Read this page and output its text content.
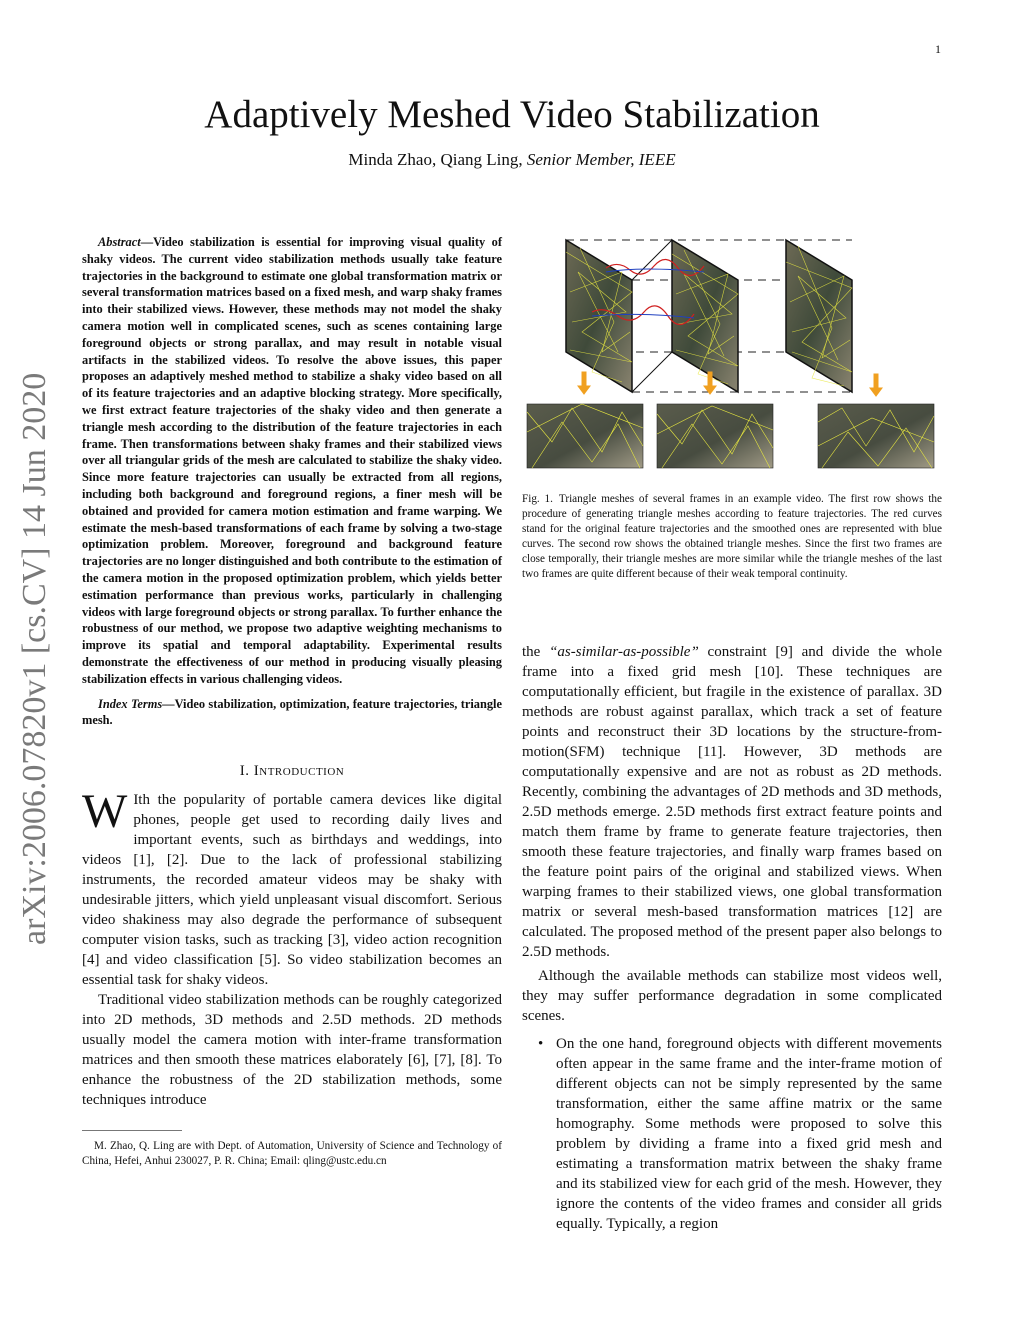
1
arXiv:2006.07820v1 [cs.CV] 14 Jun 2020
Adaptively Meshed Video Stabilization
Minda Zhao, Qiang Ling, Senior Member, IEEE

Abstract—Video stabilization is essential for improving visual quality of shaky videos. The current video stabilization methods usually take feature trajectories in the background to estimate one global transformation matrix or several transformation matrices based on a fixed mesh, and warp shaky frames into their stabilized views. However, these methods may not model the shaky camera motion well in complicated scenes, such as scenes containing large foreground objects or strong parallax, and may result in notable visual artifacts in the stabilized videos. To resolve the above issues, this paper proposes an adaptively meshed method to stabilize a shaky video based on all of its feature trajectories and an adaptive blocking strategy. More specifically, we first extract feature trajectories of the shaky video and then generate a triangle mesh according to the distribution of the feature trajectories in each frame. Then transformations between shaky frames and their stabilized views over all triangular grids of the mesh are calculated to stabilize the shaky video. Since more feature trajectories can usually be extracted from all regions, including both background and foreground regions, a finer mesh will be obtained and provided for camera motion estimation and frame warping. We estimate the mesh-based transformations of each frame by solving a two-stage optimization problem. Moreover, foreground and background feature trajectories are no longer distinguished and both contribute to the estimation of the camera motion in the proposed optimization problem, which yields better estimation performance than previous works, particularly in challenging videos with large foreground objects or strong parallax. To further enhance the robustness of our method, we propose two adaptive weighting mechanisms to improve its spatial and temporal adaptability. Experimental results demonstrate the effectiveness of our method in producing visually pleasing stabilization effects in various challenging videos.

Index Terms—Video stabilization, optimization, feature trajectories, triangle mesh.

I. Introduction
W Ith the popularity of portable camera devices like digital phones, people get used to recording daily lives and important events, such as birthdays and weddings, into videos [1], [2]. Due to the lack of professional stabilizing instruments, the recorded amateur videos may be shaky with undesirable jitters, which yield unpleasant visual discomfort. Serious video shakiness may also degrade the performance of subsequent computer vision tasks, such as tracking [3], video action recognition [4] and video classification [5]. So video stabilization becomes an essential task for shaky videos.

Traditional video stabilization methods can be roughly categorized into 2D methods, 3D methods and 2.5D methods. 2D methods usually model the camera motion with inter-frame transformation matrices and then smooth these matrices elaborately [6], [7], [8]. To enhance the robustness of the 2D stabilization methods, some techniques introduce

M. Zhao, Q. Ling are with Dept. of Automation, University of Science and Technology of China, Hefei, Anhui 230027, P. R. China; Email: qling@ustc.edu.cn

Fig. 1. Triangle meshes of several frames in an example video. The first row shows the procedure of generating triangle meshes according to feature trajectories. The red curves stand for the original feature trajectories and the smoothed ones are represented with blue curves. The second row shows the obtained triangle meshes. Since the first two frames are close temporally, their triangle meshes are more similar while the triangle meshes of the last two frames are quite different because of their weak temporal continuity.

the “as-similar-as-possible” constraint [9] and divide the whole frame into a fixed grid mesh [10]. These techniques are computationally efficient, but fragile in the existence of parallax. 3D methods are robust against parallax, which track a set of feature points and reconstruct their 3D locations by the structure-from-motion(SFM) technique [11]. However, 3D methods are computationally expensive and are not as robust as 2D methods. Recently, combining the advantages of 2D methods and 3D methods, 2.5D methods emerge. 2.5D methods first extract feature points and match them frame by frame to generate feature trajectories, then smooth these feature trajectories, and finally warp frames based on the feature point pairs of the original and stabilized views. When warping frames to their stabilized views, one global transformation matrix or several mesh-based transformation matrices [12] are calculated. The proposed method of the present paper also belongs to 2.5D methods.

Although the available methods can stabilize most videos well, they may suffer performance degradation in some complicated scenes.

• On the one hand, foreground objects with different movements often appear in the same frame and the inter-frame motion of different objects can not be simply represented by the same transformation, either the same affine matrix or the same homography. Some methods were proposed to solve this problem by dividing a frame into a fixed grid mesh and estimating a transformation matrix between the shaky frame and its stabilized view for each grid of the mesh. However, they ignore the contents of the video frames and consider all grids equally. Typically, a region
